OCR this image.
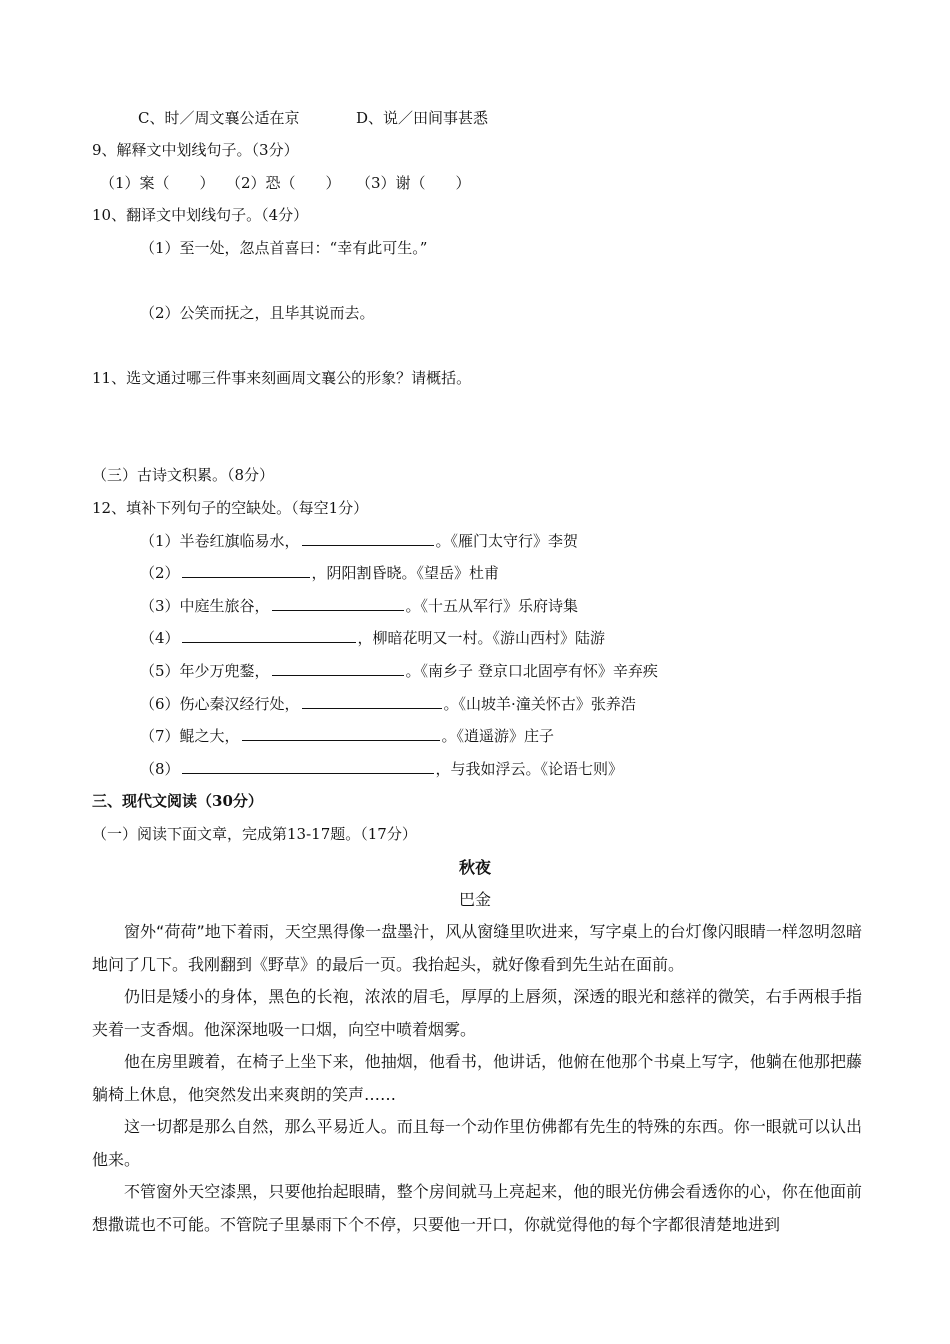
C、时／周文襄公适在京	D、说／田间事甚悉
9、解释文中划线句子。（3分）
（1）案（　　） （2）恐（　　） （3）谢（　　）
10、翻译文中划线句子。（4分）
（1）至一处，忽点首喜曰：“幸有此可生。”
（2）公笑而抚之，且毕其说而去。
11、选文通过哪三件事来刻画周文襄公的形象？请概括。
（三）古诗文积累。（8分）
12、填补下列句子的空缺处。（每空1分）
（1）半卷红旗临易水，	。《雁门太守行》李贺
（2）	，阴阳割昏晓。《望岳》杜甫
（3）中庭生旅谷，	。《十五从军行》乐府诗集
（4）	，柳暗花明又一村。《游山西村》陆游
（5）年少万兜鍪，	。《南乡子 登京口北固亭有怀》辛弃疾
（6）伤心秦汉经行处，	。《山坡羊·潼关怀古》张养浩
（7）鲲之大，	。《逍遥游》庄子
（8）	，与我如浮云。《论语七则》
三、现代文阅读（30分）
（一）阅读下面文章，完成第13-17题。（17分）
秋夜
巴金

窗外“荷荷”地下着雨，天空黑得像一盘墨汁，风从窗缝里吹进来，写字桌上的台灯像闪眼睛一样忽明忽暗地问了几下。我刚翻到《野草》的最后一页。我抬起头，就好像看到先生站在面前。

仍旧是矮小的身体，黑色的长袍，浓浓的眉毛，厚厚的上唇须，深透的眼光和慈祥的微笑，右手两根手指夹着一支香烟。他深深地吸一口烟，向空中喷着烟雾。

他在房里踱着，在椅子上坐下来，他抽烟，他看书，他讲话，他俯在他那个书桌上写字，他躺在他那把藤躺椅上休息，他突然发出来爽朗的笑声……

这一切都是那么自然，那么平易近人。而且每一个动作里仿佛都有先生的特殊的东西。你一眼就可以认出他来。

不管窗外天空漆黑，只要他抬起眼睛，整个房间就马上亮起来，他的眼光仿佛会看透你的心，你在他面前想撒谎也不可能。不管院子里暴雨下个不停，只要他一开口，你就觉得他的每个字都很清楚地进到
